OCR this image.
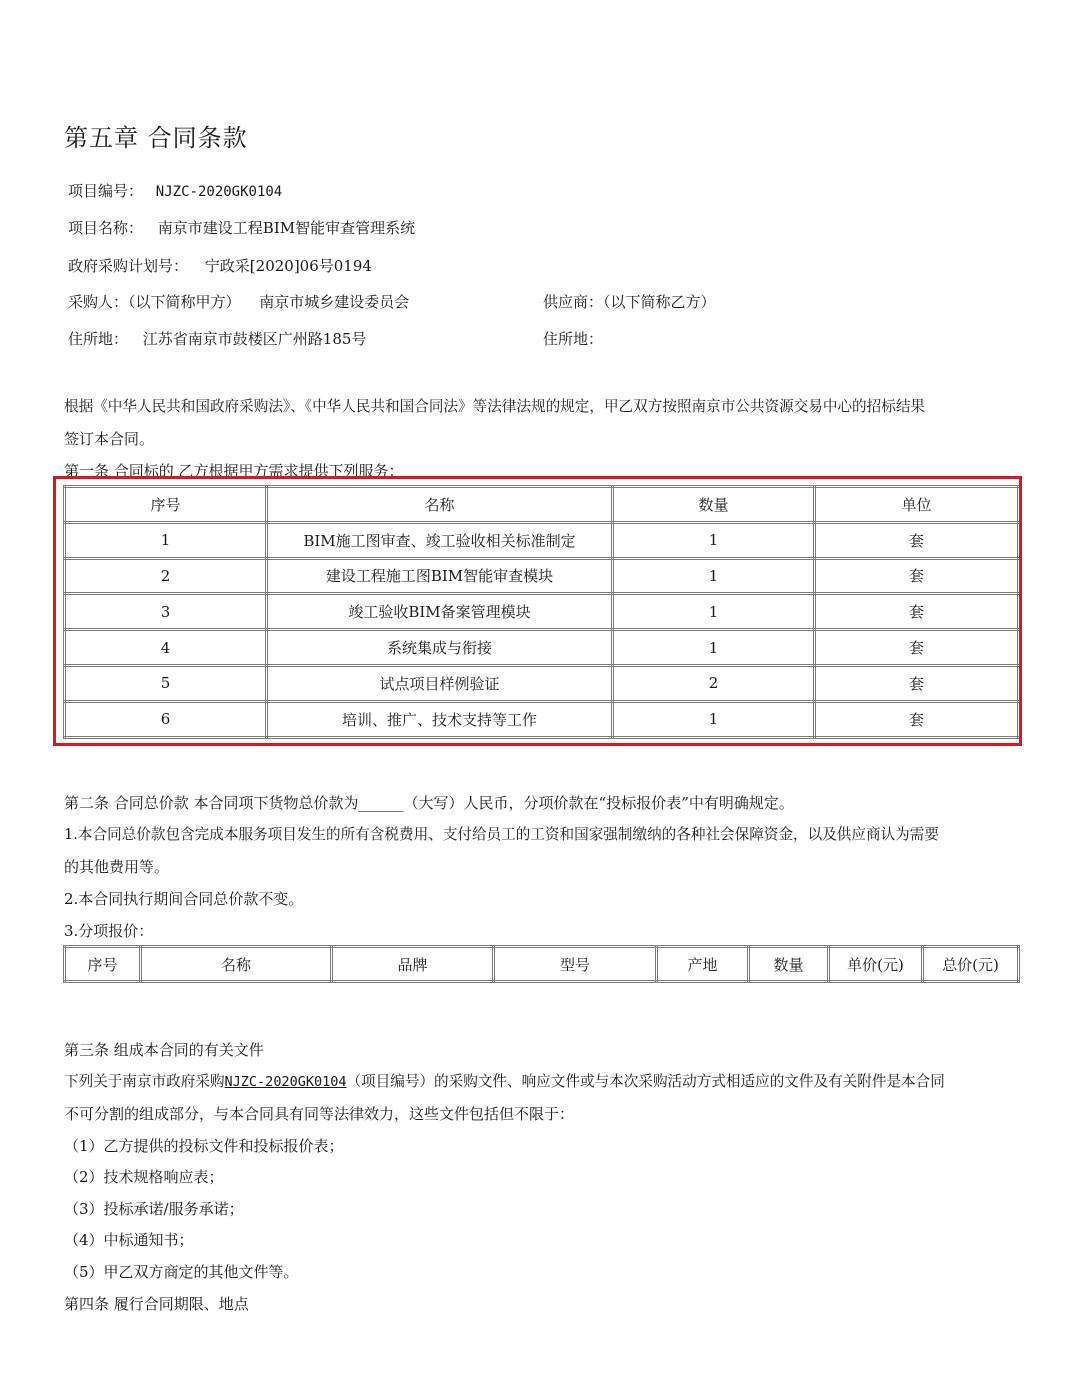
第五章 合同条款
项目编号： NJZC-2020GK0104
项目名称： 南京市建设工程BIM智能审查管理系统
政府采购计划号： 宁政采[2020]06号0194
采购人：（以下简称甲方） 南京市城乡建设委员会	供应商：（以下简称乙方）
住所地： 江苏省南京市鼓楼区广州路185号	住所地：
根据《中华人民共和国政府采购法》、《中华人民共和国合同法》等法律法规的规定，甲乙双方按照南京市公共资源交易中心的招标结果
签订本合同。
第一条 合同标的 乙方根据甲方需求提供下列服务：
序号	名称	数量	单位
1	BIM施工图审查、竣工验收相关标准制定	1	套
2	建设工程施工图BIM智能审查模块	1	套
3	竣工验收BIM备案管理模块	1	套
4	系统集成与衔接	1	套
5	试点项目样例验证	2	套
6	培训、推广、技术支持等工作	1	套
第二条 合同总价款 本合同项下货物总价款为______（大写）人民币，分项价款在“投标报价表”中有明确规定。
1.本合同总价款包含完成本服务项目发生的所有含税费用、支付给员工的工资和国家强制缴纳的各种社会保障资金，以及供应商认为需要
的其他费用等。
2.本合同执行期间合同总价款不变。
3.分项报价：
序号	名称	品牌	型号	产地	数量	单价(元)	总价(元)
第三条 组成本合同的有关文件
下列关于南京市政府采购NJZC-2020GK0104（项目编号）的采购文件、响应文件或与本次采购活动方式相适应的文件及有关附件是本合同
不可分割的组成部分，与本合同具有同等法律效力，这些文件包括但不限于：
（1）乙方提供的投标文件和投标报价表；
（2）技术规格响应表；
（3）投标承诺/服务承诺；
（4）中标通知书；
（5）甲乙双方商定的其他文件等。
第四条 履行合同期限、地点
